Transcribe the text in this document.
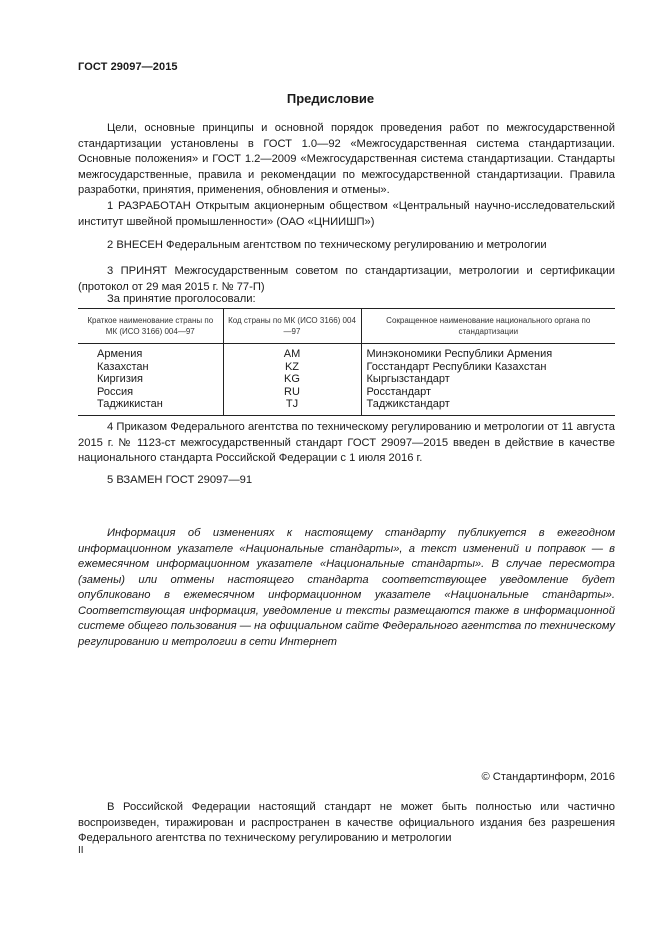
ГОСТ 29097—2015
Предисловие

Цели, основные принципы и основной порядок проведения работ по межгосударственной стандартизации установлены в ГОСТ 1.0—92 «Межгосударственная система стандартизации. Основные положения» и ГОСТ 1.2—2009 «Межгосударственная система стандартизации. Стандарты межгосударственные, правила и рекомендации по межгосударственной стандартизации. Правила разработки, принятия, применения, обновления и отмены».

1 РАЗРАБОТАН Открытым акционерным обществом «Центральный научно-исследовательский институт швейной промышленности» (ОАО «ЦНИИШП»)

2 ВНЕСЕН Федеральным агентством по техническому регулированию и метрологии

3 ПРИНЯТ Межгосударственным советом по стандартизации, метрологии и сертификации (протокол от 29 мая 2015 г. № 77-П)

За принятие проголосовали:
Краткое наименование страны по МК (ИСО 3166) 004—97	Код страны по МК (ИСО 3166) 004—97	Сокращенное наименование национального органа по стандартизации
Армения	AM	Минэкономики Республики Армения
Казахстан	KZ	Госстандарт Республики Казахстан
Киргизия	KG	Кыргызстандарт
Россия	RU	Росстандарт
Таджикистан	TJ	Таджикстандарт

4 Приказом Федерального агентства по техническому регулированию и метрологии от 11 августа 2015 г. № 1123-ст межгосударственный стандарт ГОСТ 29097—2015 введен в действие в качестве национального стандарта Российской Федерации с 1 июля 2016 г.

5 ВЗАМЕН ГОСТ 29097—91

Информация об изменениях к настоящему стандарту публикуется в ежегодном информационном указателе «Национальные стандарты», а текст изменений и поправок — в ежемесячном информационном указателе «Национальные стандарты». В случае пересмотра (замены) или отмены настоящего стандарта соответствующее уведомление будет опубликовано в ежемесячном информационном указателе «Национальные стандарты». Соответствующая информация, уведомление и тексты размещаются также в информационной системе общего пользования — на официальном сайте Федерального агентства по техническому регулированию и метрологии в сети Интернет

© Стандартинформ, 2016

В Российской Федерации настоящий стандарт не может быть полностью или частично воспроизведен, тиражирован и распространен в качестве официального издания без разрешения Федерального агентства по техническому регулированию и метрологии

II
